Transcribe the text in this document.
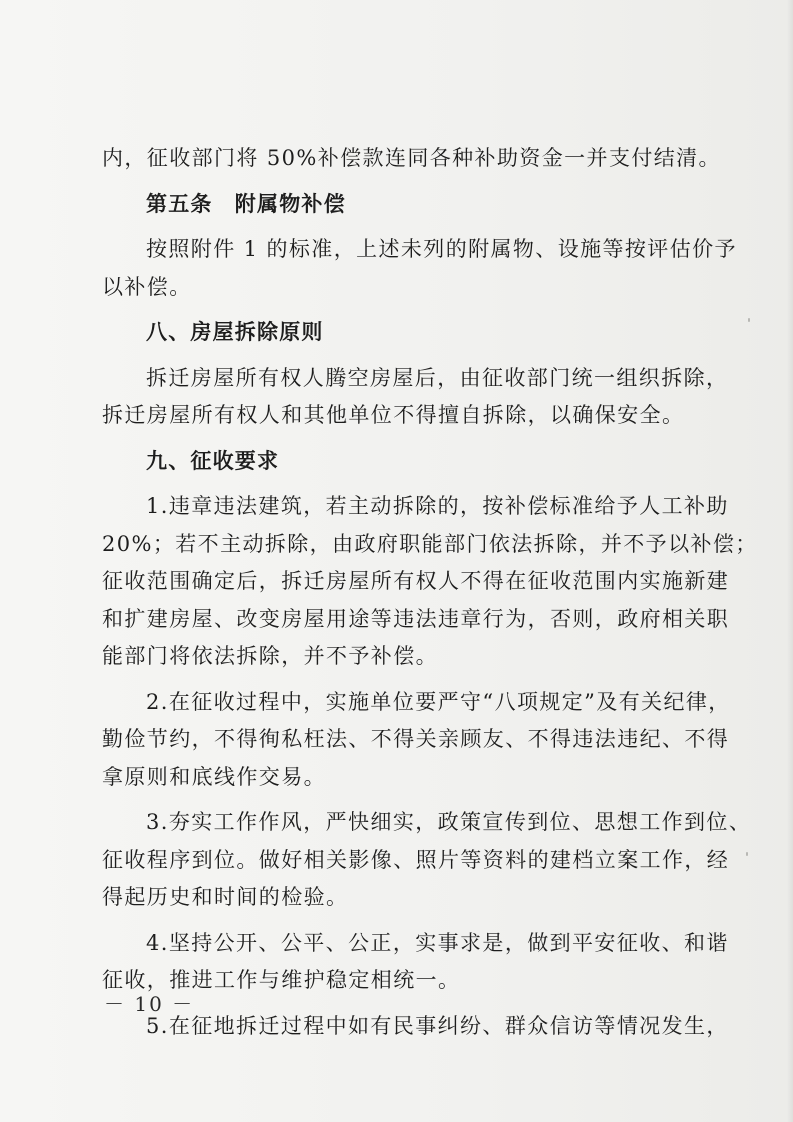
内，征收部门将 50%补偿款连同各种补助资金一并支付结清。
第五条　附属物补偿
按照附件 1 的标准，上述未列的附属物、设施等按评估价予
以补偿。
八、房屋拆除原则
拆迁房屋所有权人腾空房屋后，由征收部门统一组织拆除，
拆迁房屋所有权人和其他单位不得擅自拆除，以确保安全。
九、征收要求
1.违章违法建筑，若主动拆除的，按补偿标准给予人工补助
20%；若不主动拆除，由政府职能部门依法拆除，并不予以补偿；
征收范围确定后，拆迁房屋所有权人不得在征收范围内实施新建
和扩建房屋、改变房屋用途等违法违章行为，否则，政府相关职
能部门将依法拆除，并不予补偿。
2.在征收过程中，实施单位要严守“八项规定”及有关纪律，
勤俭节约，不得徇私枉法、不得关亲顾友、不得违法违纪、不得
拿原则和底线作交易。
3.夯实工作作风，严快细实，政策宣传到位、思想工作到位、
征收程序到位。做好相关影像、照片等资料的建档立案工作，经
得起历史和时间的检验。
4.坚持公开、公平、公正，实事求是，做到平安征收、和谐
征收，推进工作与维护稳定相统一。
5.在征地拆迁过程中如有民事纠纷、群众信访等情况发生，
－ 10 －
